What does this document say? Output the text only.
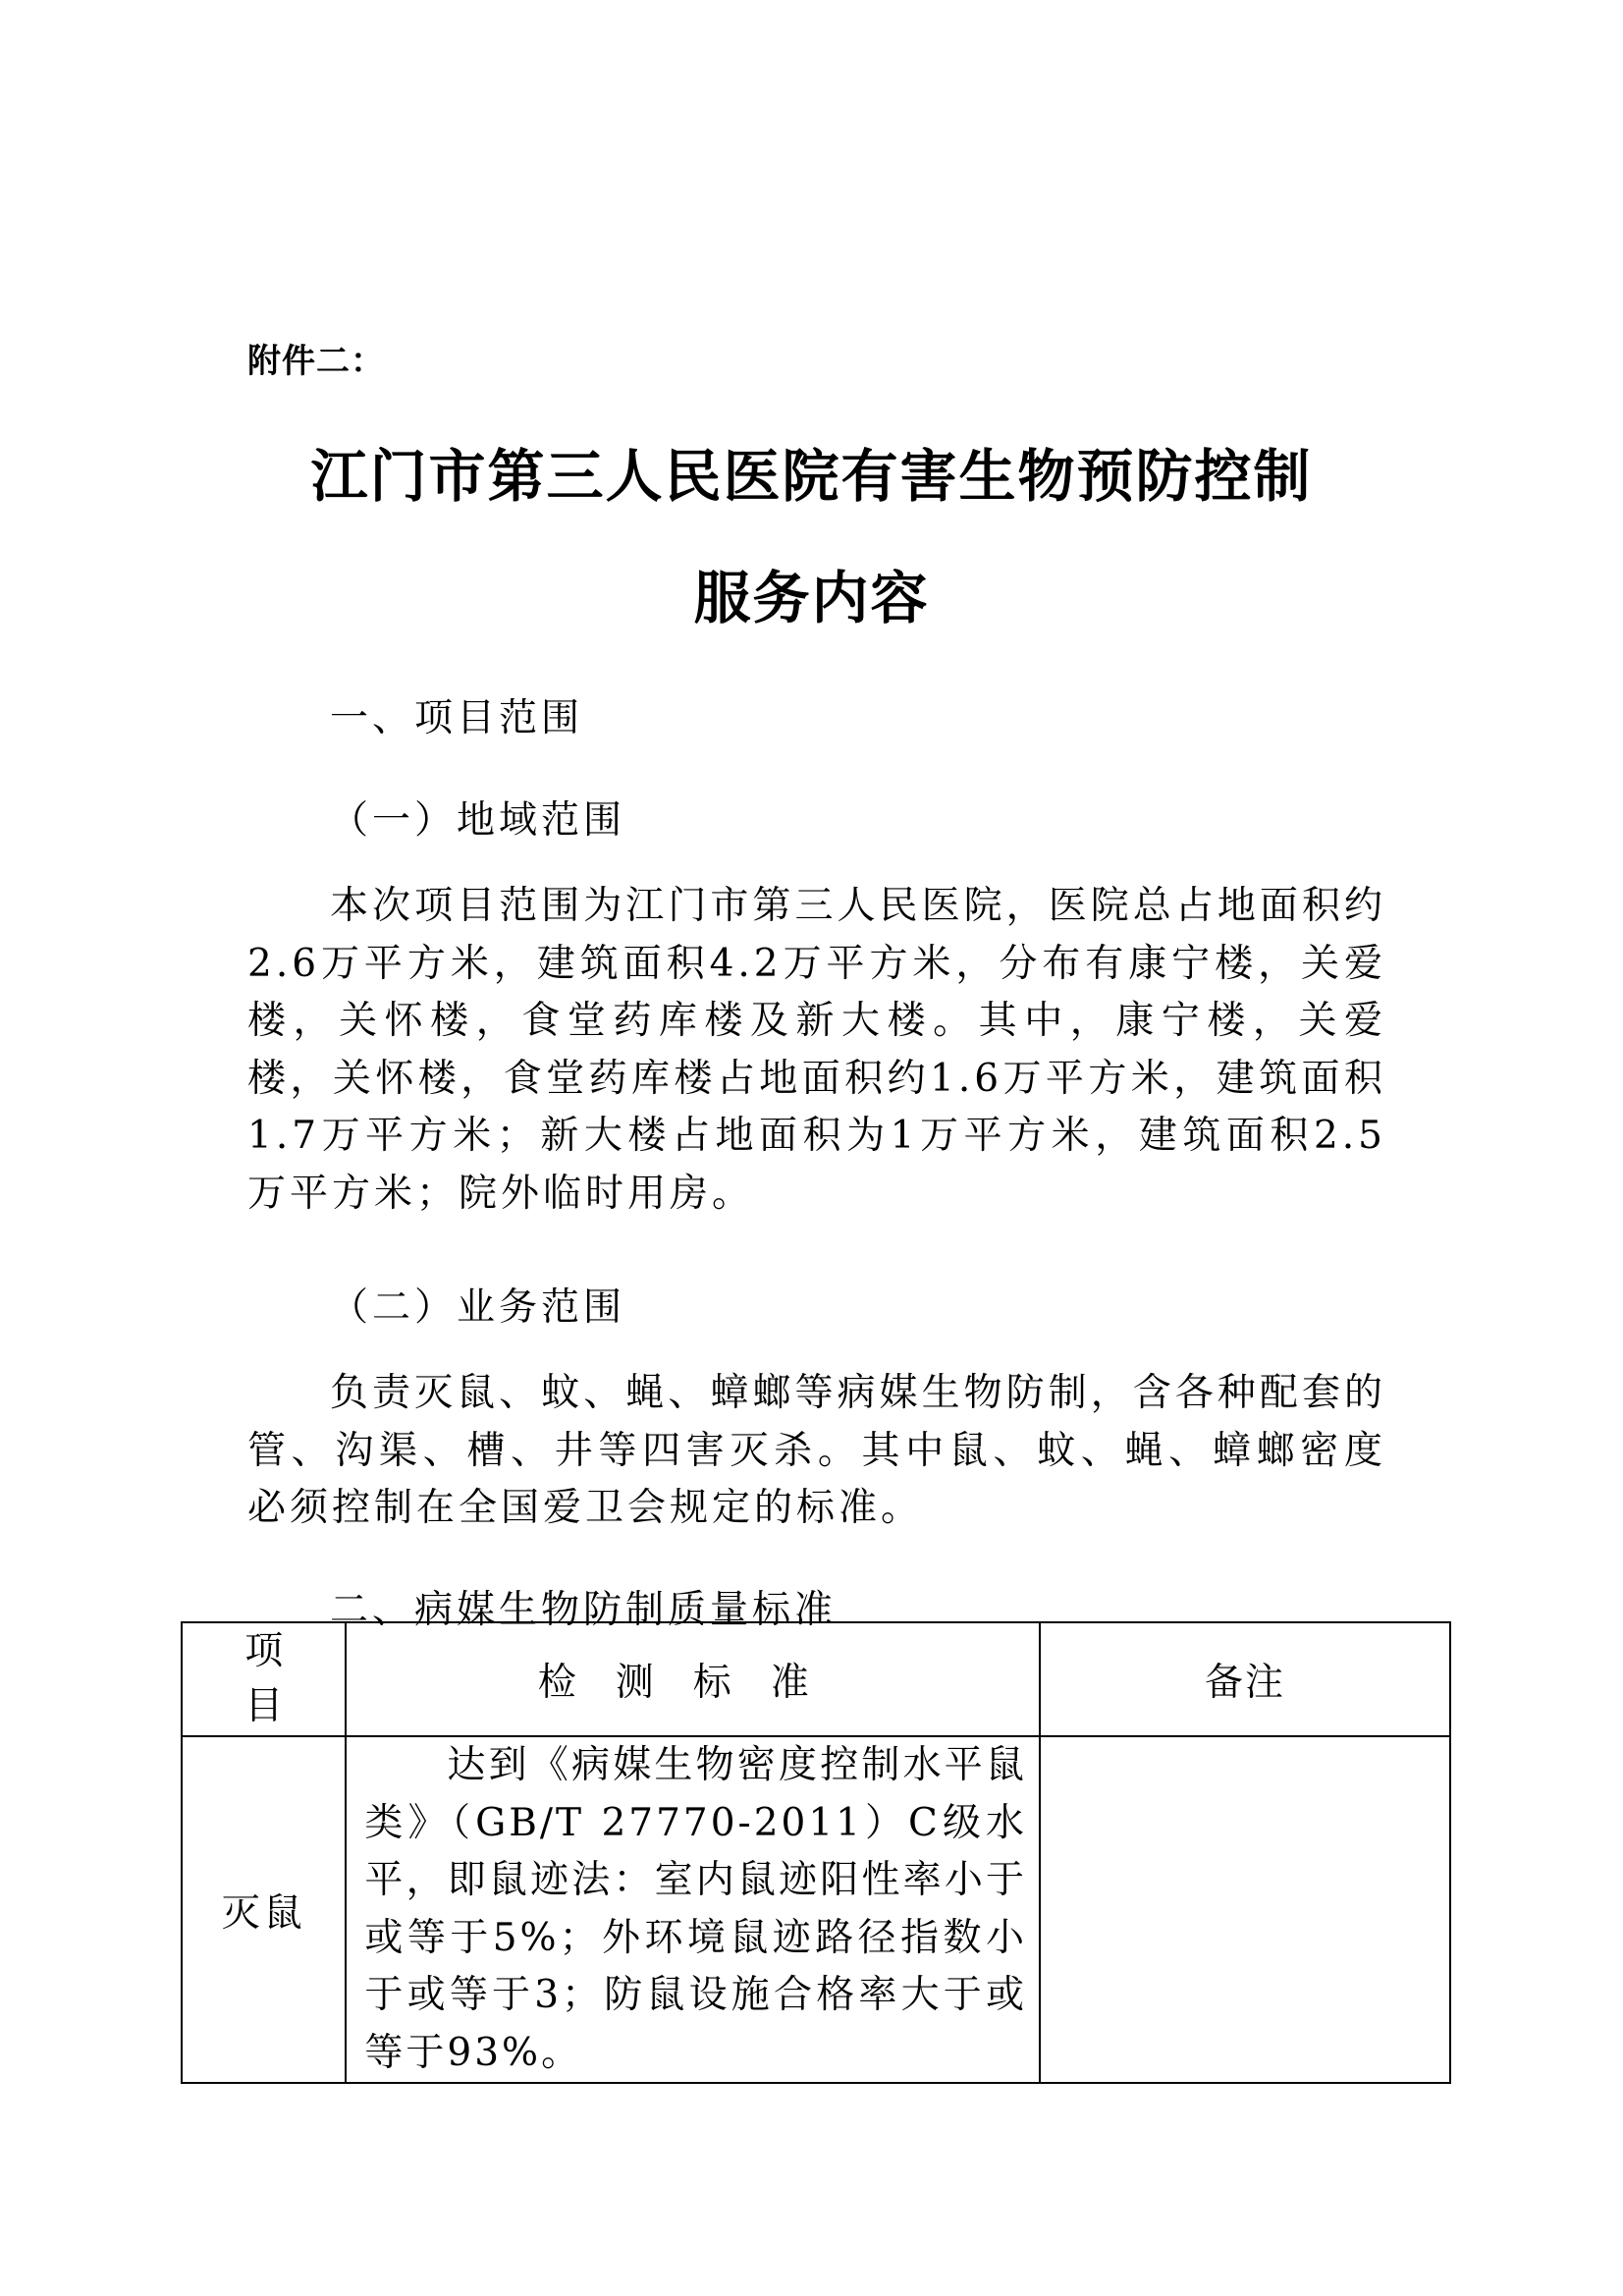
附件二：
江门市第三人民医院有害生物预防控制
服务内容
一、项目范围
（一）地域范围
本次项目范围为江门市第三人民医院，医院总占地面积约2.6万平方米，建筑面积4.2万平方米，分布有康宁楼，关爱楼，关怀楼，食堂药库楼及新大楼。其中，康宁楼，关爱楼，关怀楼，食堂药库楼占地面积约1.6万平方米，建筑面积1.7万平方米；新大楼占地面积为1万平方米，建筑面积2.5万平方米；院外临时用房。
（二）业务范围
负责灭鼠、蚊、蝇、蟑螂等病媒生物防制，含各种配套的管、沟渠、槽、井等四害灭杀。其中鼠、蚊、蝇、蟑螂密度必须控制在全国爱卫会规定的标准。
二、病媒生物防制质量标准
项
目	检测标准	备注
灭鼠	达到《病媒生物密度控制水平鼠类》（GB/T 27770-2011）C级水平，即鼠迹法：室内鼠迹阳性率小于或等于5%；外环境鼠迹路径指数小于或等于3；防鼠设施合格率大于或等于93%。	
